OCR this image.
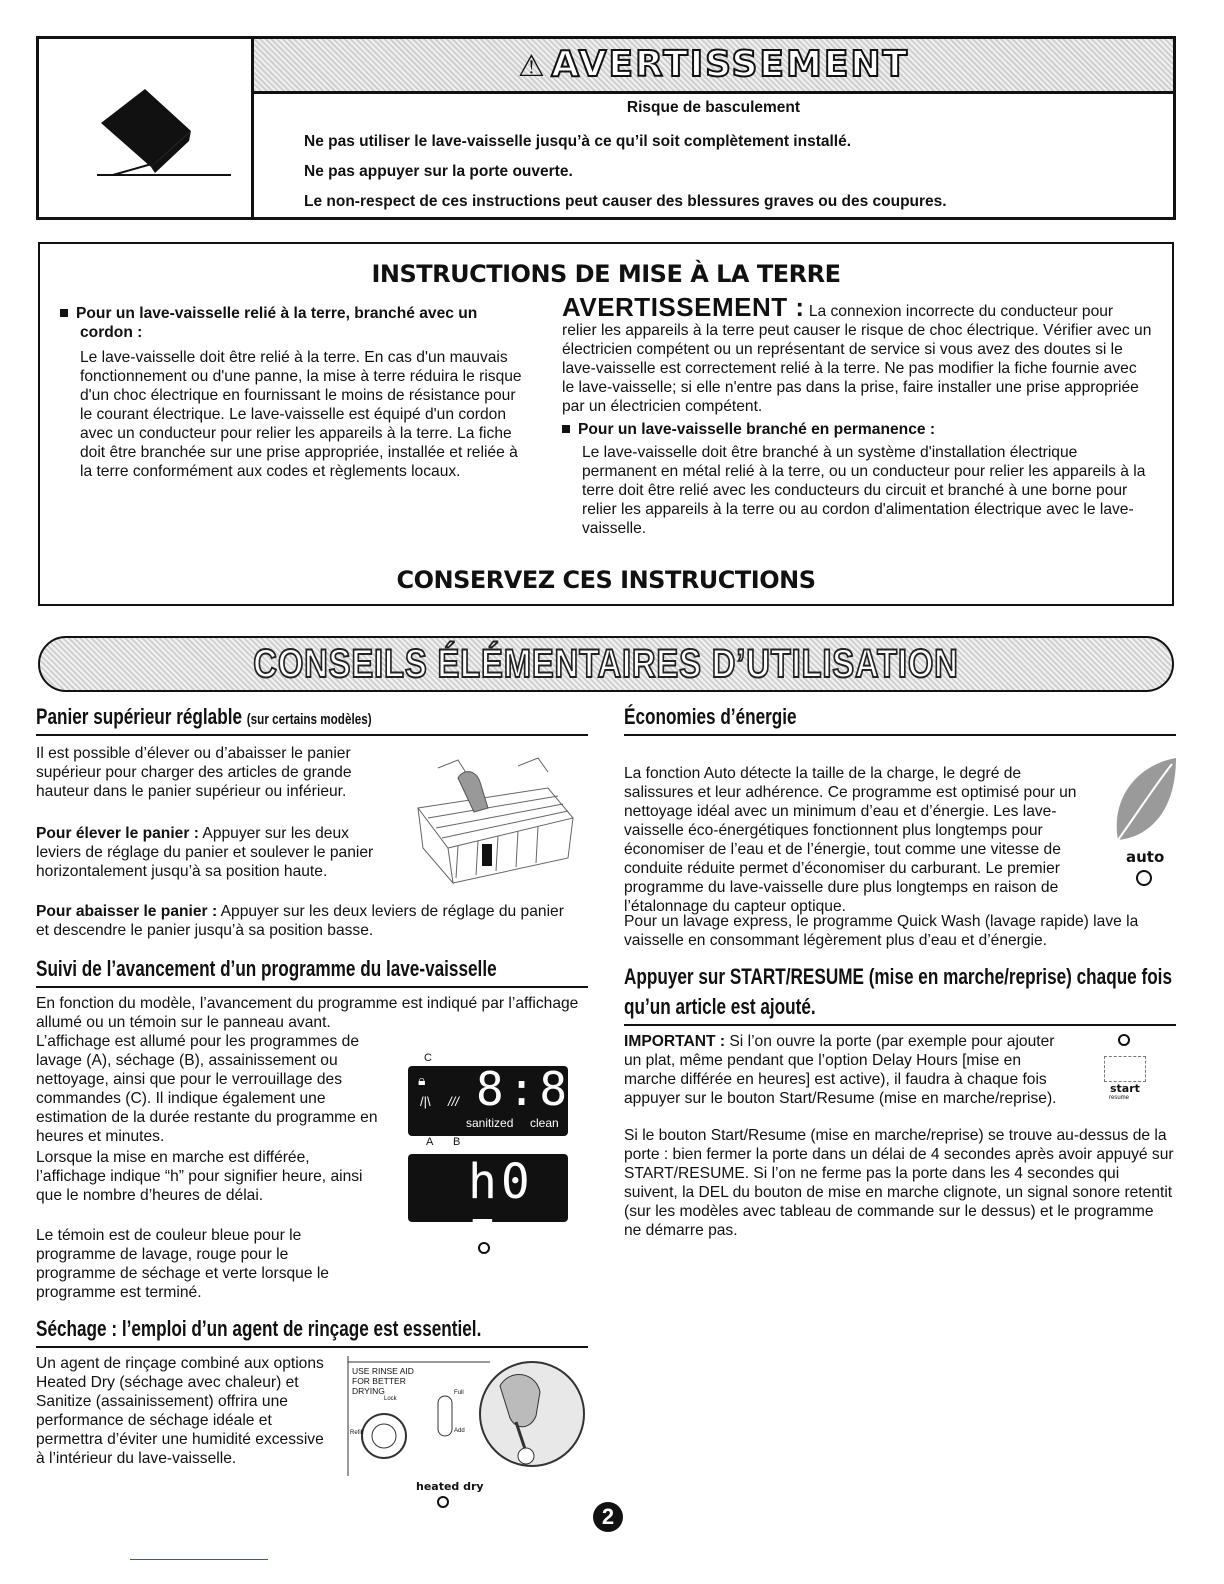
⚠ AVERTISSEMENT
Risque de basculement
Ne pas utiliser le lave-vaisselle jusqu’à ce qu’il soit complètement installé.
Ne pas appuyer sur la porte ouverte.
Le non-respect de ces instructions peut causer des blessures graves ou des coupures.
INSTRUCTIONS DE MISE À LA TERRE
Pour un lave-vaisselle relié à la terre, branché avec un cordon :
Le lave-vaisselle doit être relié à la terre. En cas d'un mauvais fonctionnement ou d'une panne, la mise à terre réduira le risque d'un choc électrique en fournissant le moins de résistance pour le courant électrique. Le lave-vaisselle est équipé d'un cordon avec un conducteur pour relier les appareils à la terre. La fiche doit être branchée sur une prise appropriée, installée et reliée à la terre conformément aux codes et règlements locaux.
AVERTISSEMENT : La connexion incorrecte du conducteur pour relier les appareils à la terre peut causer le risque de choc électrique. Vérifier avec un électricien compétent ou un représentant de service si vous avez des doutes si le lave-vaisselle est correctement relié à la terre. Ne pas modifier la fiche fournie avec le lave-vaisselle; si elle n'entre pas dans la prise, faire installer une prise appropriée par un électricien compétent.
Pour un lave-vaisselle branché en permanence :
Le lave-vaisselle doit être branché à un système d'installation électrique permanent en métal relié à la terre, ou un conducteur pour relier les appareils à la terre doit être relié avec les conducteurs du circuit et branché à une borne pour relier les appareils à la terre ou au cordon d'alimentation électrique avec le lave-vaisselle.
CONSERVEZ CES INSTRUCTIONS
CONSEILS ÉLÉMENTAIRES D’UTILISATION
Panier supérieur réglable (sur certains modèles)
Il est possible d’élever ou d’abaisser le panier supérieur pour charger des articles de grande hauteur dans le panier supérieur ou inférieur.
Pour élever le panier : Appuyer sur les deux leviers de réglage du panier et soulever le panier horizontalement jusqu’à sa position haute.
Pour abaisser le panier : Appuyer sur les deux leviers de réglage du panier et descendre le panier jusqu’à sa position basse.
Suivi de l’avancement d’un programme du lave-vaisselle
En fonction du modèle, l’avancement du programme est indiqué par l’affichage allumé ou un témoin sur le panneau avant.
L’affichage est allumé pour les programmes de lavage (A), séchage (B), assainissement ou nettoyage, ainsi que pour le verrouillage des commandes (C). Il indique également une estimation de la durée restante du programme en heures et minutes.
Lorsque la mise en marche est différée, l’affichage indique “h” pour signifier heure, ainsi que le nombre d’heures de délai.
Le témoin est de couleur bleue pour le programme de lavage, rouge pour le programme de séchage et verte lorsque le programme est terminé.
C
🔒︎
/|\ /// 8:88
sanitized clean
A B
h0 I
Séchage : l’emploi d’un agent de rinçage est essentiel.
Un agent de rinçage combiné aux options Heated Dry (séchage avec chaleur) et Sanitize (assainissement) offrira une performance de séchage idéale et permettra d’éviter une humidité excessive à l’intérieur du lave-vaisselle.
USE RINSE AID FOR BETTER DRYING	Full
Add
Lock
Refill
heated dry
2
Économies d’énergie
La fonction Auto détecte la taille de la charge, le degré de salissures et leur adhérence. Ce programme est optimisé pour un nettoyage idéal avec un minimum d’eau et d’énergie. Les lave-vaisselle éco-énergétiques fonctionnent plus longtemps pour économiser de l’eau et de l’énergie, tout comme une vitesse de conduite réduite permet d’économiser du carburant. Le premier programme du lave-vaisselle dure plus longtemps en raison de l’étalonnage du capteur optique.
Pour un lavage express, le programme Quick Wash (lavage rapide) lave la vaisselle en consommant légèrement plus d’eau et d’énergie.
auto
Appuyer sur START/RESUME (mise en marche/reprise) chaque fois
qu’un article est ajouté.
IMPORTANT : Si l’on ouvre la porte (par exemple pour ajouter un plat, même pendant que l’option Delay Hours [mise en marche différée en heures] est active), il faudra à chaque fois appuyer sur le bouton Start/Resume (mise en marche/reprise).
Si le bouton Start/Resume (mise en marche/reprise) se trouve au-dessus de la porte : bien fermer la porte dans un délai de 4 secondes après avoir appuyé sur START/RESUME. Si l’on ne ferme pas la porte dans les 4 secondes qui suivent, la DEL du bouton de mise en marche clignote, un signal sonore retentit (sur les modèles avec tableau de commande sur le dessus) et le programme ne démarre pas.
start
resume
